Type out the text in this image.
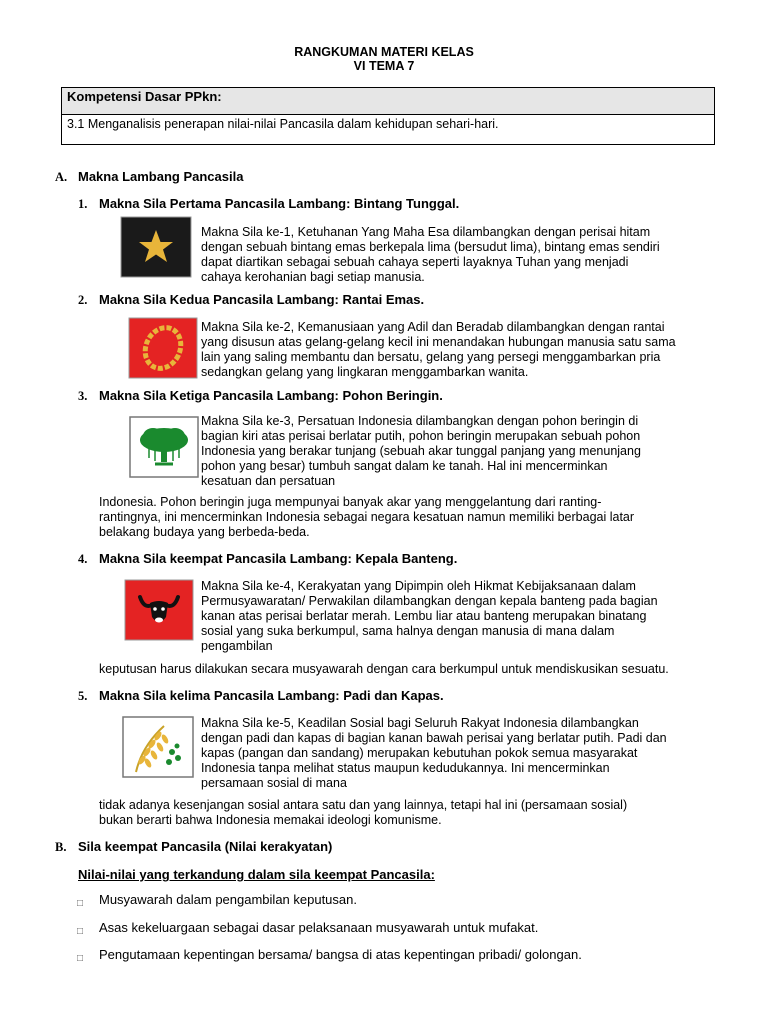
RANGKUMAN MATERI KELAS
VI TEMA 7
Kompetensi Dasar PPkn:
3.1 Menganalisis penerapan nilai-nilai Pancasila dalam kehidupan sehari-hari.
A. Makna Lambang Pancasila
1. Makna Sila Pertama Pancasila Lambang: Bintang Tunggal.
Makna Sila ke-1, Ketuhanan Yang Maha Esa dilambangkan dengan perisai hitam
dengan sebuah bintang emas berkepala lima (bersudut lima), bintang emas sendiri
dapat diartikan sebagai sebuah cahaya seperti layaknya Tuhan yang menjadi
cahaya kerohanian bagi setiap manusia.
2. Makna Sila Kedua Pancasila Lambang: Rantai Emas.
Makna Sila ke-2, Kemanusiaan yang Adil dan Beradab dilambangkan dengan rantai
yang disusun atas gelang-gelang kecil ini menandakan hubungan manusia satu sama
lain yang saling membantu dan bersatu, gelang yang persegi menggambarkan pria
sedangkan gelang yang lingkaran menggambarkan wanita.
3. Makna Sila Ketiga Pancasila Lambang: Pohon Beringin.
Makna Sila ke-3, Persatuan Indonesia dilambangkan dengan pohon beringin di
bagian kiri atas perisai berlatar putih, pohon beringin merupakan sebuah pohon
Indonesia yang berakar tunjang (sebuah akar tunggal panjang yang menunjang
pohon yang besar) tumbuh sangat dalam ke tanah. Hal ini mencerminkan
kesatuan dan persatuan
Indonesia. Pohon beringin juga mempunyai banyak akar yang menggelantung dari ranting-
rantingnya, ini mencerminkan Indonesia sebagai negara kesatuan namun memiliki berbagai latar
belakang budaya yang berbeda-beda.
4. Makna Sila keempat Pancasila Lambang: Kepala Banteng.
Makna Sila ke-4, Kerakyatan yang Dipimpin oleh Hikmat Kebijaksanaan dalam
Permusyawaratan/ Perwakilan dilambangkan dengan kepala banteng pada bagian
kanan atas perisai berlatar merah. Lembu liar atau banteng merupakan binatang
sosial yang suka berkumpul, sama halnya dengan manusia di mana dalam
pengambilan
keputusan harus dilakukan secara musyawarah dengan cara berkumpul untuk mendiskusikan sesuatu.
5. Makna Sila kelima Pancasila Lambang: Padi dan Kapas.
Makna Sila ke-5, Keadilan Sosial bagi Seluruh Rakyat Indonesia dilambangkan
dengan padi dan kapas di bagian kanan bawah perisai yang berlatar putih. Padi dan
kapas (pangan dan sandang) merupakan kebutuhan pokok semua masyarakat
Indonesia tanpa melihat status maupun kedudukannya. Ini mencerminkan
persamaan sosial di mana
tidak adanya kesenjangan sosial antara satu dan yang lainnya, tetapi hal ini (persamaan sosial)
bukan berarti bahwa Indonesia memakai ideologi komunisme.
B. Sila keempat Pancasila (Nilai kerakyatan)
Nilai-nilai yang terkandung dalam sila keempat Pancasila:
□ Musyawarah dalam pengambilan keputusan.
□ Asas kekeluargaan sebagai dasar pelaksanaan musyawarah untuk mufakat.
□ Pengutamaan kepentingan bersama/ bangsa di atas kepentingan pribadi/ golongan.
